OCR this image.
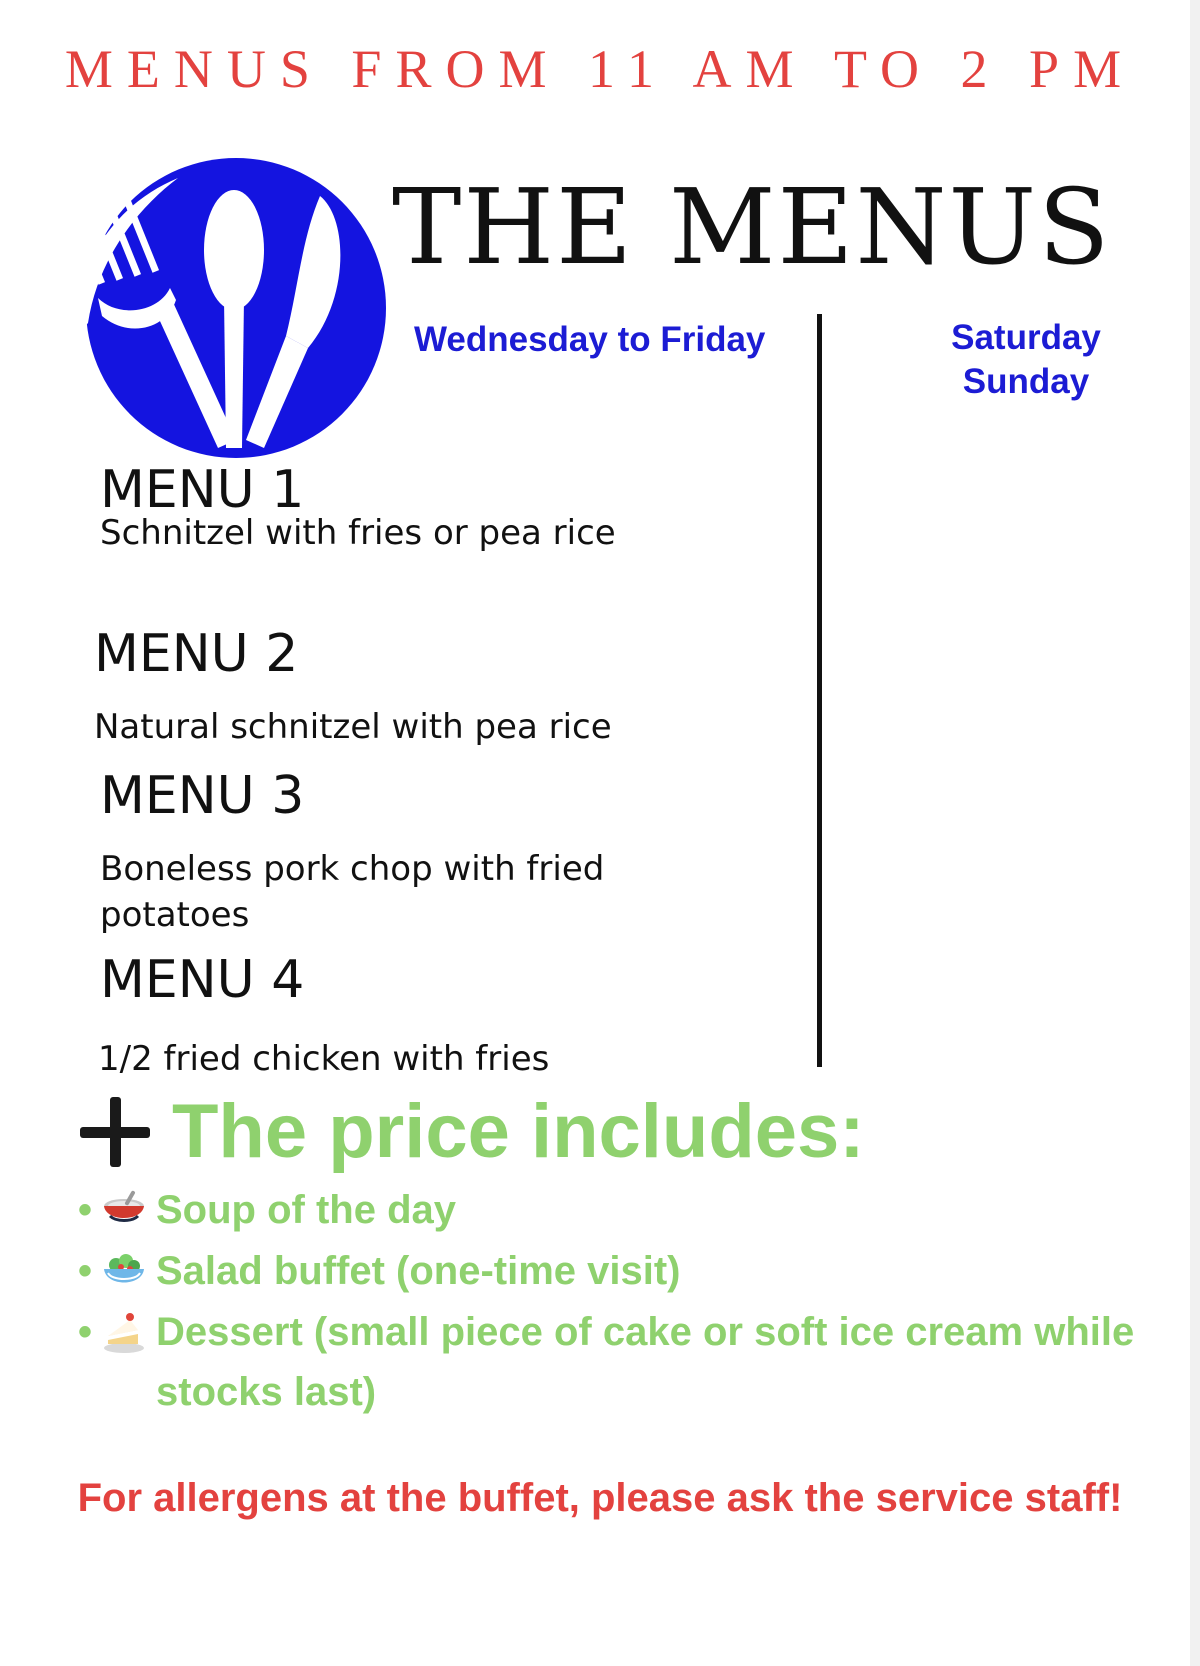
MENUS FROM 11 AM TO 2 PM
THE MENUS
Wednesday to Friday	Saturday
Sunday
MENU 1
Schnitzel with fries or pea rice
MENU 2
Natural schnitzel with pea rice
MENU 3
Boneless pork chop with fried potatoes
MENU 4
1/2 fried chicken with fries
The price includes:
• Soup of the day
• Salad buffet (one-time visit)
• Dessert (small piece of cake or soft ice cream while stocks last)
For allergens at the buffet, please ask the service staff!
